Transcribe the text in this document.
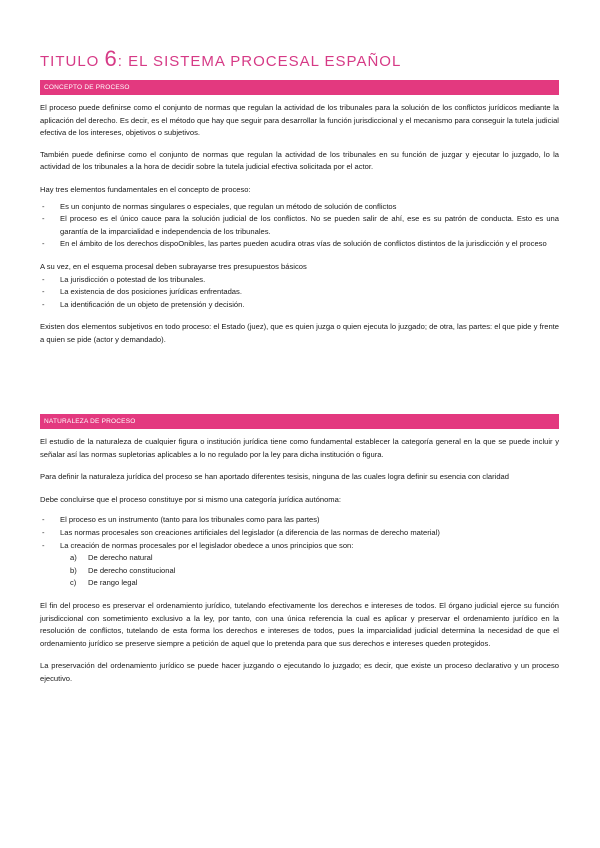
TITULO 6: EL SISTEMA PROCESAL ESPAÑOL
CONCEPTO DE PROCESO

El proceso puede definirse como el conjunto de normas que regulan la actividad de los tribunales para la solución de los conflictos jurídicos mediante la aplicación del derecho. Es decir, es el método que hay que seguir para desarrollar la función jurisdiccional y el mecanismo para conseguir la tutela judicial efectiva de los intereses, objetivos o subjetivos.

También puede definirse como el conjunto de normas que regulan la actividad de los tribunales en su función de juzgar y ejecutar lo juzgado, lo la actividad de los tribunales a la hora de decidir sobre la tutela judicial efectiva solicitada por el actor.

Hay tres elementos fundamentales en el concepto de proceso:

- Es un conjunto de normas singulares o especiales, que regulan un método de solución de conflictos
- El proceso es el único cauce para la solución judicial de los conflictos. No se pueden salir de ahí, ese es su patrón de conducta. Esto es una garantía de la imparcialidad e independencia de los tribunales.
- En el ámbito de los derechos dispoOnibles, las partes pueden acudira otras vías de solución de conflictos distintos de la jurisdicción y el proceso

A su vez, en el esquema procesal deben subrayarse tres presupuestos básicos

- La jurisdicción o potestad de los tribunales.
- La existencia de dos posiciones jurídicas enfrentadas.
- La identificación de un objeto de pretensión y decisión.

Existen dos elementos subjetivos en todo proceso: el Estado (juez), que es quien juzga o quien ejecuta lo juzgado; de otra, las partes: el que pide y frente a quien se pide (actor y demandado).

NATURALEZA DE PROCESO

El estudio de la naturaleza de cualquier figura o institución jurídica tiene como fundamental establecer la categoría general en la que se puede incluir y señalar así las normas supletorias aplicables a lo no regulado por la ley para dicha institución o figura.

Para definir la naturaleza jurídica del proceso se han aportado diferentes tesisis, ninguna de las cuales logra definir su esencia con claridad

Debe concluirse que el proceso constituye por si mismo una categoría jurídica autónoma:

- El proceso es un instrumento (tanto para los tribunales como para las partes)
- Las normas procesales son creaciones artificiales del legislador (a diferencia de las normas de derecho material)
- La creación de normas procesales por el legislador obedece a unos principios que son:
a) De derecho natural
b) De derecho constitucional
c) De rango legal

El fin del proceso es preservar el ordenamiento jurídico, tutelando efectivamente los derechos e intereses de todos. El órgano judicial ejerce su función jurisdiccional con sometimiento exclusivo a la ley, por tanto, con una única referencia la cual es aplicar y preservar el ordenamiento jurídico en la resolución de conflictos, tutelando de esta forma los derechos e intereses de todos, pues la imparcialidad judicial determina la necesidad de que el ordenamiento jurídico se preserve siempre a petición de aquel que lo pretenda para que sus derechos e intereses queden protegidos.

La preservación del ordenamiento jurídico se puede hacer juzgando o ejecutando lo juzgado; es decir, que existe un proceso declarativo y un proceso ejecutivo.
